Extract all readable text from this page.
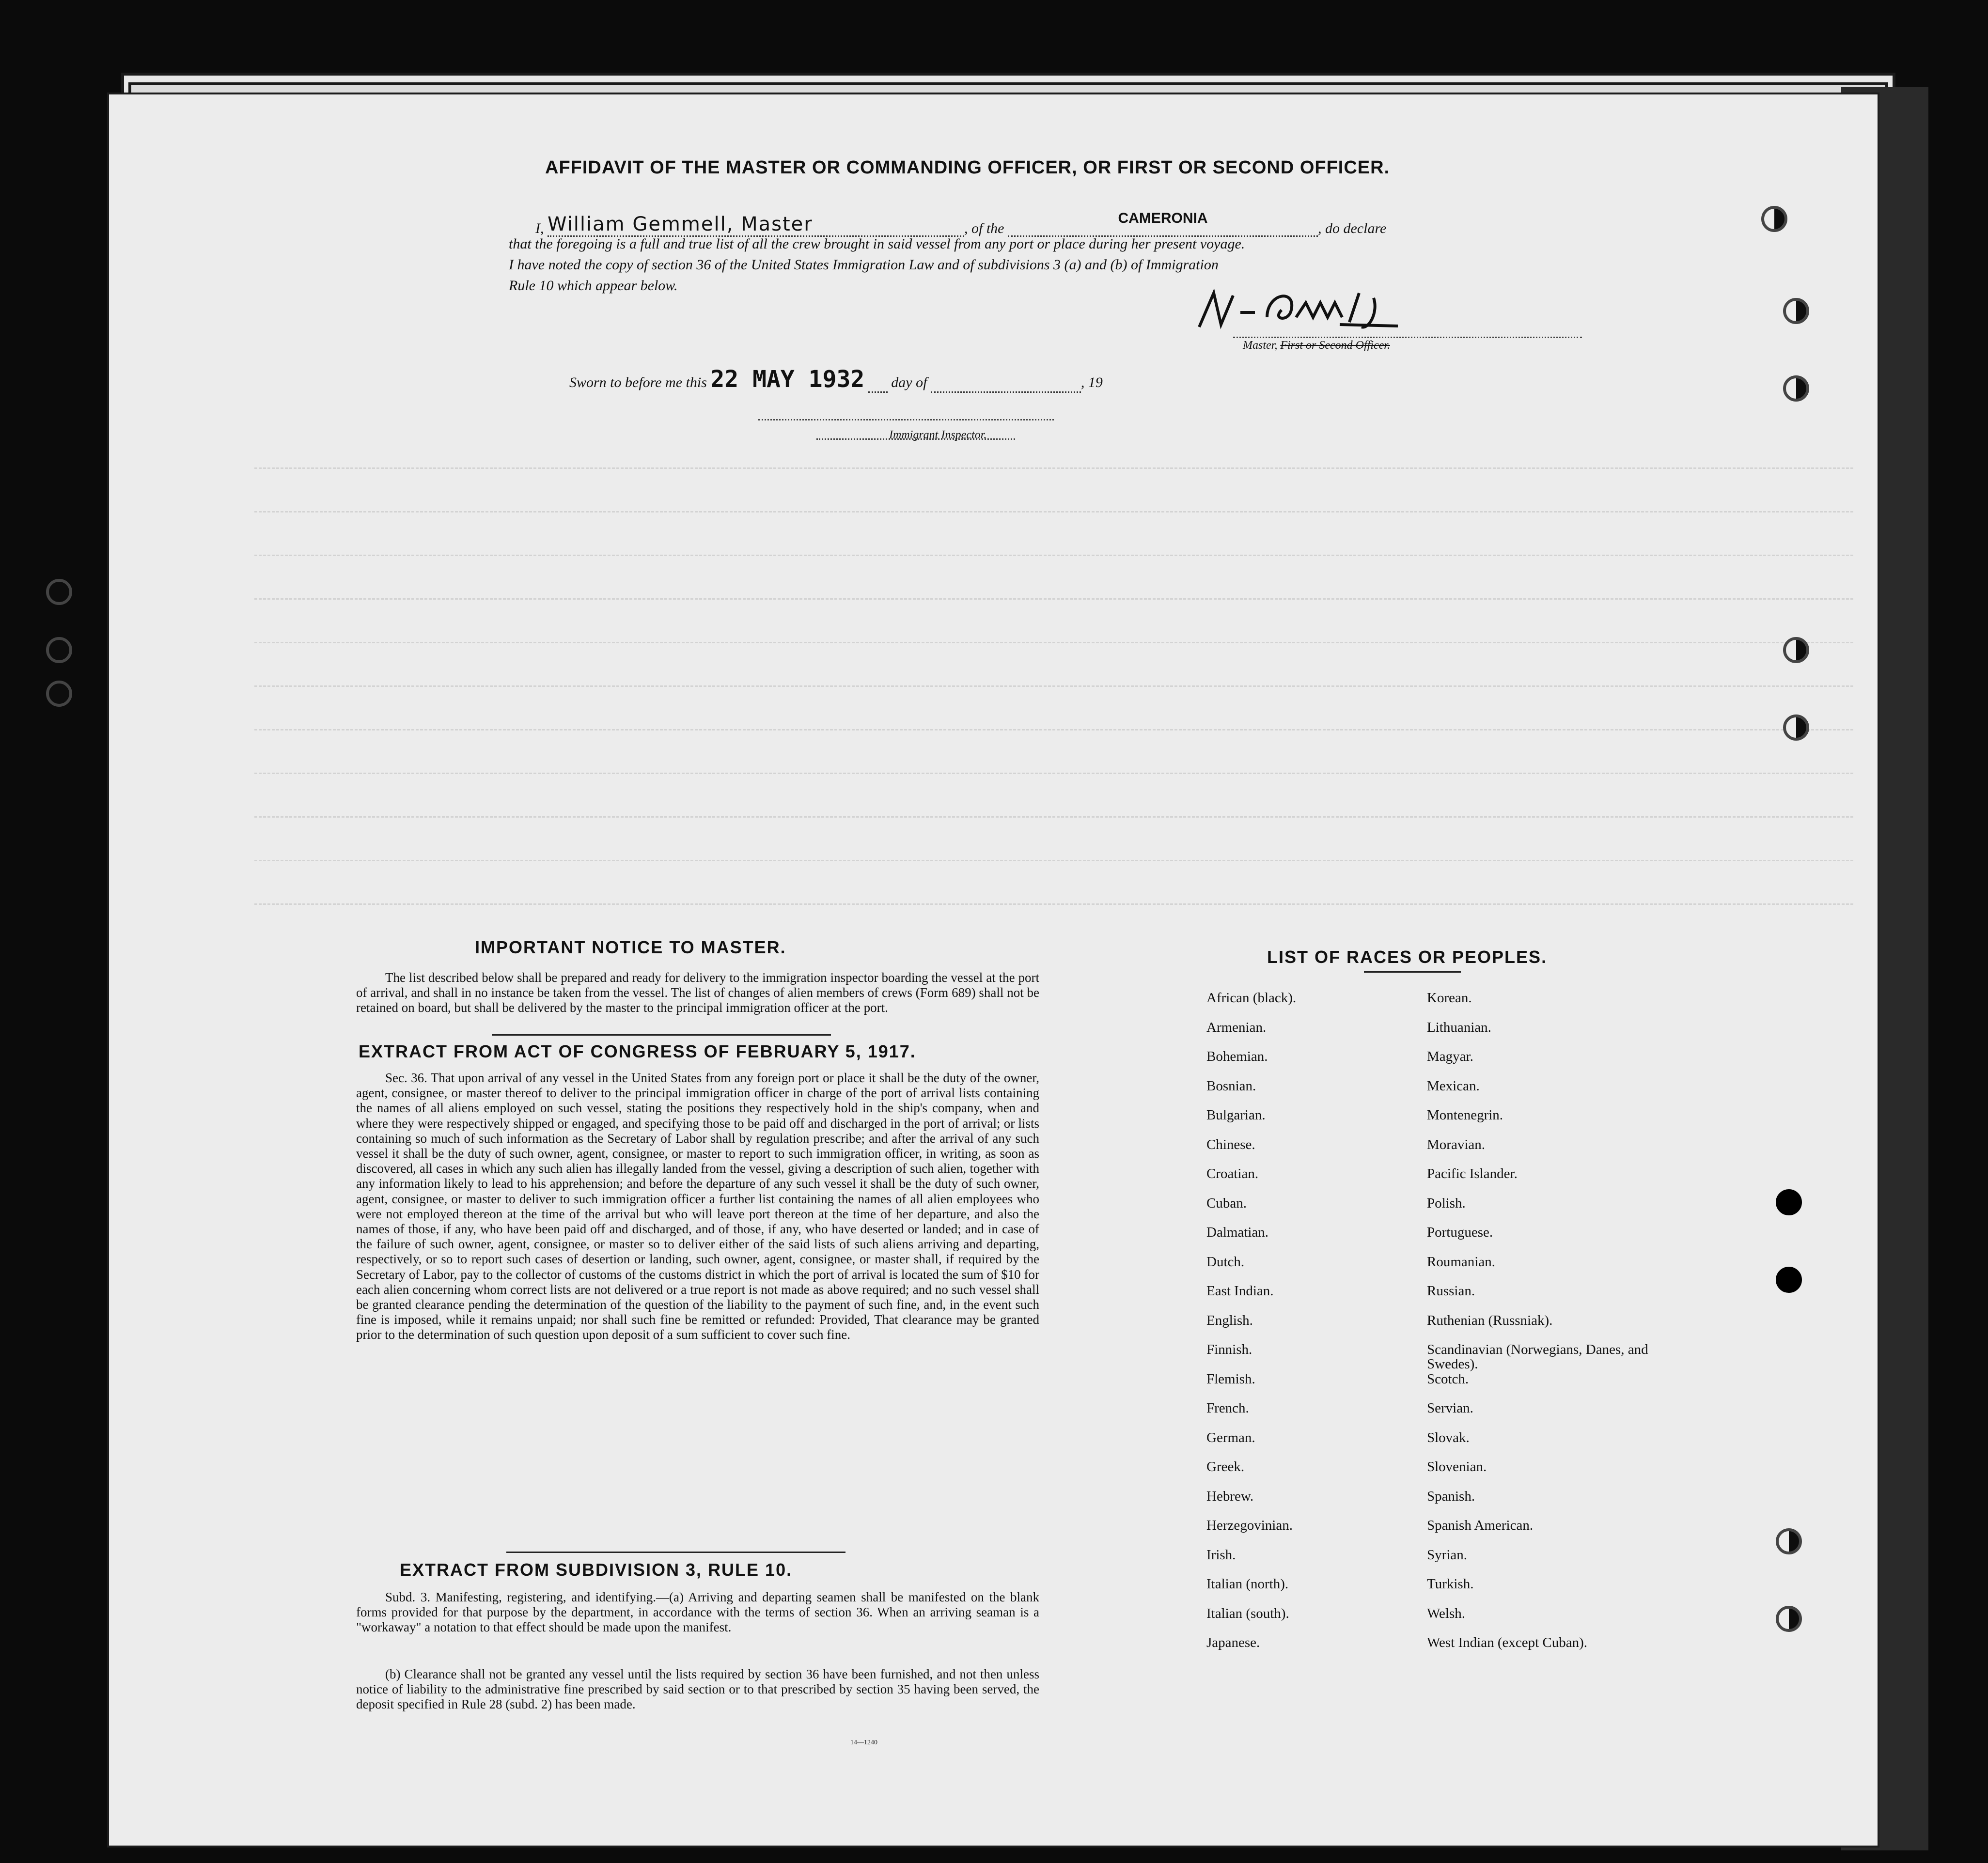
AFFIDAVIT OF THE MASTER OR COMMANDING OFFICER, OR FIRST OR SECOND OFFICER.
I, William Gemmell, Master	, of the CAMERONIA, do declare
that the foregoing is a full and true list of all the crew brought in said vessel from any port or place during her present voyage.
I have noted the copy of section 36 of the United States Immigration Law and of subdivisions 3 (a) and (b) of Immigration
Rule 10 which appear below.
Master, First or Second Officer.
Sworn to before me this 22 MAY 1932 day of	, 19
Immigrant Inspector.
IMPORTANT NOTICE TO MASTER.
The list described below shall be prepared and ready for delivery to the immigration inspector boarding the vessel at the port of arrival, and shall in no instance be taken from the vessel. The list of changes of alien members of crews (Form 689) shall not be retained on board, but shall be delivered by the master to the principal immigration officer at the port.
EXTRACT FROM ACT OF CONGRESS OF FEBRUARY 5, 1917.
Sec. 36. That upon arrival of any vessel in the United States from any foreign port or place it shall be the duty of the owner, agent, consignee, or master thereof to deliver to the principal immigration officer in charge of the port of arrival lists containing the names of all aliens employed on such vessel, stating the positions they respectively hold in the ship's company, when and where they were respectively shipped or engaged, and specifying those to be paid off and discharged in the port of arrival; or lists containing so much of such information as the Secretary of Labor shall by regulation prescribe; and after the arrival of any such vessel it shall be the duty of such owner, agent, consignee, or master to report to such immigration officer, in writing, as soon as discovered, all cases in which any such alien has illegally landed from the vessel, giving a description of such alien, together with any information likely to lead to his apprehension; and before the departure of any such vessel it shall be the duty of such owner, agent, consignee, or master to deliver to such immigration officer a further list containing the names of all alien employees who were not employed thereon at the time of the arrival but who will leave port thereon at the time of her departure, and also the names of those, if any, who have been paid off and discharged, and of those, if any, who have deserted or landed; and in case of the failure of such owner, agent, consignee, or master so to deliver either of the said lists of such aliens arriving and departing, respectively, or so to report such cases of desertion or landing, such owner, agent, consignee, or master shall, if required by the Secretary of Labor, pay to the collector of customs of the customs district in which the port of arrival is located the sum of $10 for each alien concerning whom correct lists are not delivered or a true report is not made as above required; and no such vessel shall be granted clearance pending the determination of the question of the liability to the payment of such fine, and, in the event such fine is imposed, while it remains unpaid; nor shall such fine be remitted or refunded: Provided, That clearance may be granted prior to the determination of such question upon deposit of a sum sufficient to cover such fine.
EXTRACT FROM SUBDIVISION 3, RULE 10.
Subd. 3. Manifesting, registering, and identifying.—(a) Arriving and departing seamen shall be manifested on the blank forms provided for that purpose by the department, in accordance with the terms of section 36. When an arriving seaman is a "workaway" a notation to that effect should be made upon the manifest.
(b) Clearance shall not be granted any vessel until the lists required by section 36 have been furnished, and not then unless notice of liability to the administrative fine prescribed by said section or to that prescribed by section 35 having been served, the deposit specified in Rule 28 (subd. 2) has been made.
14—1240
LIST OF RACES OR PEOPLES.
African (black).
Armenian.
Bohemian.
Bosnian.
Bulgarian.
Chinese.
Croatian.
Cuban.
Dalmatian.
Dutch.
East Indian.
English.
Finnish.
Flemish.
French.
German.
Greek.
Hebrew.
Herzegovinian.
Irish.
Italian (north).
Italian (south).
Japanese.
Korean.
Lithuanian.
Magyar.
Mexican.
Montenegrin.
Moravian.
Pacific Islander.
Polish.
Portuguese.
Roumanian.
Russian.
Ruthenian (Russniak).
Scandinavian (Norwegians, Danes, and Swedes).
Scotch.
Servian.
Slovak.
Slovenian.
Spanish.
Spanish American.
Syrian.
Turkish.
Welsh.
West Indian (except Cuban).
